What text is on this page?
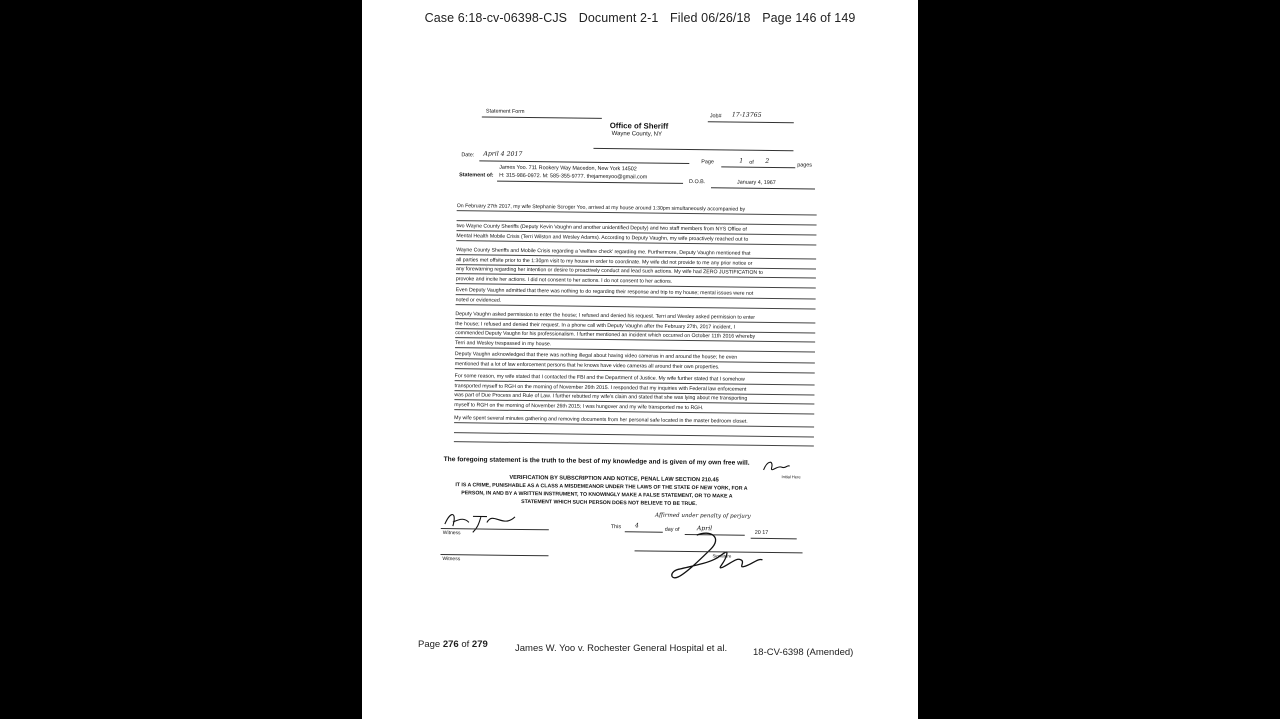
Case 6:18-cv-06398-CJS Document 2-1 Filed 06/26/18 Page 146 of 149
Statement Form
Job# 17-13765
Office of Sheriff
Wayne County, NY
Date: April 4 2017
Page	1 of 2
pages
James Yoo. 711 Rookery Way Macedon, New York 14502
Statement of: H: 315-986-0972. M: 585-355-9777. thejamesyoo@gmail.com
D.O.B.	January 4, 1967
On February 27th 2017, my wife Stephanie Scroger Yoo, arrived at my house around 1:30pm simultaneously accompanied by
two Wayne County Sheriffs (Deputy Kevin Vaughn and another unidentified Deputy) and two staff members from NYS Office of
Mental Health Mobile Crisis (Terri Wilston and Wesley Adams). According to Deputy Vaughn, my wife proactively reached out to
Wayne County Sheriffs and Mobile Crisis regarding a 'welfare check' regarding me. Furthermore, Deputy Vaughn mentioned that
all parties met offsite prior to the 1:30pm visit to my house in order to coordinate. My wife did not provide to me any prior notice or
any forewarning regarding her intention or desire to proactively conduct and lead such actions. My wife had ZERO JUSTIFICATION to
provoke and incite her actions. I did not consent to her actions. I do not consent to her actions.
Even Deputy Vaughn admitted that there was nothing to do regarding their response and trip to my house; mental issues were not
noted or evidenced.
Deputy Vaughn asked permission to enter the house; I refused and denied his request. Terri and Wesley asked permission to enter
the house; I refused and denied their request. In a phone call with Deputy Vaughn after the February 27th, 2017 incident, I
commended Deputy Vaughn for his professionalism. I further mentioned an incident which occurred on October 11th 2016 whereby
Terri and Wesley trespassed in my house.
Deputy Vaughn acknowledged that there was nothing illegal about having video cameras in and around the house; he even
mentioned that a lot of law enforcement persons that he knows have video cameras all around their own properties.
For some reason, my wife stated that I contacted the FBI and the Department of Justice. My wife further stated that I somehow
transported myself to RGH on the morning of November 26th 2015. I responded that my inquiries with Federal law enforcement
was part of Due Process and Rule of Law. I further rebutted my wife's claim and stated that she was lying about me transporting
myself to RGH on the morning of November 26th 2015; I was hungover and my wife transported me to RGH.
My wife spent several minutes gathering and removing documents from her personal safe located in the master bedroom closet.
The foregoing statement is the truth to the best of my knowledge and is given of my own free will.
Initial Here
VERIFICATION BY SUBSCRIPTION AND NOTICE, PENAL LAW SECTION 210.45
IT IS A CRIME, PUNISHABLE AS A CLASS A MISDEMEANOR UNDER THE LAWS OF THE STATE OF NEW YORK, FOR A
PERSON, IN AND BY A WRITTEN INSTRUMENT, TO KNOWINGLY MAKE A FALSE STATEMENT, OR TO MAKE A
STATEMENT WHICH SUCH PERSON DOES NOT BELIEVE TO BE TRUE.
Affirmed under penalty of perjury
Witness
This 4
day of	April
20 17
Signature
Witness
Page 276 of 279	James W. Yoo v. Rochester General Hospital et al.	18-CV-6398 (Amended)
